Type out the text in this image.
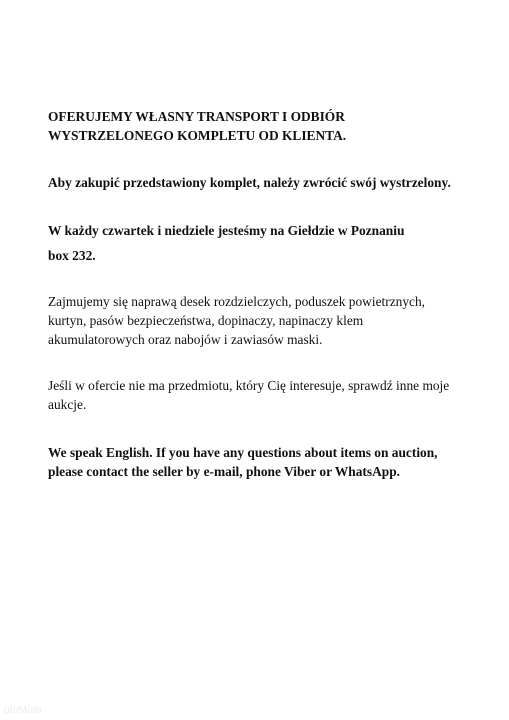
OFERUJEMY WŁASNY TRANSPORT I ODBIÓR
WYSTRZELONEGO KOMPLETU OD KLIENTA.

Aby zakupić przedstawiony komplet, należy zwrócić swój wystrzelony.

W każdy czwartek i niedziele jesteśmy na Giełdzie w Poznaniu

box 232.

Zajmujemy się naprawą desek rozdzielczych, poduszek powietrznych,
kurtyn, pasów bezpieczeństwa, dopinaczy, napinaczy klem
akumulatorowych oraz nabojów i zawiasów maski.

Jeśli w ofercie nie ma przedmiotu, który Cię interesuje, sprawdź inne moje
aukcje.

We speak English. If you have any questions about items on auction,
please contact the seller by e-mail, phone Viber or WhatsApp.

otoMoto
